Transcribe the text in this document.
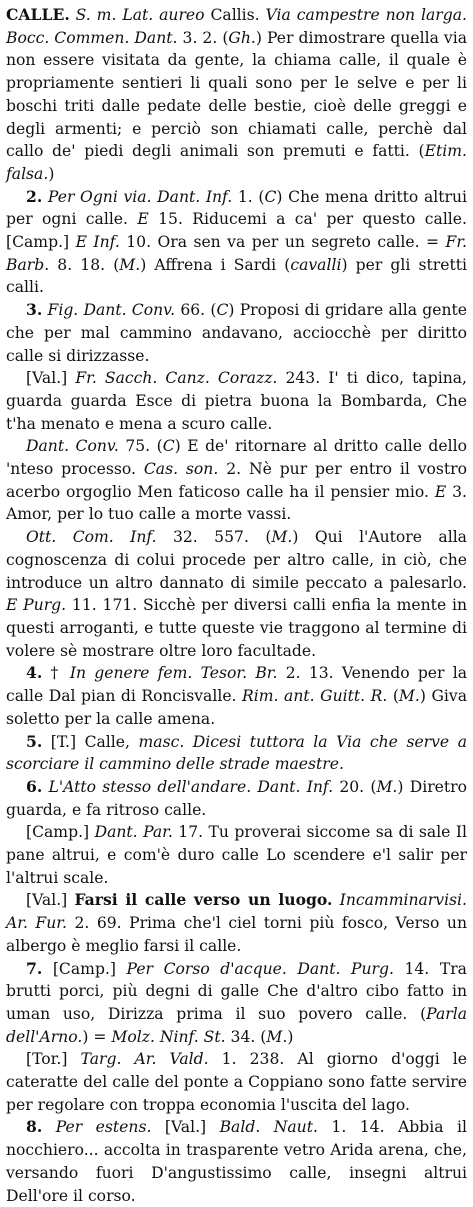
CALLE. S. m. Lat. aureo Callis. Via campestre non larga. Bocc. Commen. Dant. 3. 2. (Gh.) Per dimostrare quella via non essere visitata da gente, la chiama calle, il quale è propriamente sentieri li quali sono per le selve e per li boschi triti dalle pedate delle bestie, cioè delle greggi e degli armenti; e perciò son chiamati calle, perchè dal callo de' piedi degli animali son premuti e fatti. (Etim. falsa.)

2. Per Ogni via. Dant. Inf. 1. (C) Che mena dritto altrui per ogni calle. E 15. Riducemi a ca' per questo calle. [Camp.] E Inf. 10. Ora sen va per un segreto calle. = Fr. Barb. 8. 18. (M.) Affrena i Sardi (cavalli) per gli stretti calli.

3. Fig. Dant. Conv. 66. (C) Proposi di gridare alla gente che per mal cammino andavano, acciocchè per diritto calle si dirizzasse.

[Val.] Fr. Sacch. Canz. Corazz. 243. I' ti dico, tapina, guarda guarda Esce di pietra buona la Bombarda, Che t'ha menato e mena a scuro calle.

Dant. Conv. 75. (C) E de' ritornare al dritto calle dello 'nteso processo. Cas. son. 2. Nè pur per entro il vostro acerbo orgoglio Men faticoso calle ha il pensier mio. E 3. Amor, per lo tuo calle a morte vassi.

Ott. Com. Inf. 32. 557. (M.) Qui l'Autore alla cognoscenza di colui procede per altro calle, in ciò, che introduce un altro dannato di simile peccato a palesarlo. E Purg. 11. 171. Sicchè per diversi calli enfia la mente in questi arroganti, e tutte queste vie traggono al termine di volere sè mostrare oltre loro facultade.

4. † In genere fem. Tesor. Br. 2. 13. Venendo per la calle Dal pian di Roncisvalle. Rim. ant. Guitt. R. (M.) Giva soletto per la calle amena.

5. [T.] Calle, masc. Dicesi tuttora la Via che serve a scorciare il cammino delle strade maestre.

6. L'Atto stesso dell'andare. Dant. Inf. 20. (M.) Diretro guarda, e fa ritroso calle.

[Camp.] Dant. Par. 17. Tu proverai siccome sa di sale Il pane altrui, e com'è duro calle Lo scendere e'l salir per l'altrui scale.

[Val.] Farsi il calle verso un luogo. Incamminarvisi. Ar. Fur. 2. 69. Prima che'l ciel torni più fosco, Verso un albergo è meglio farsi il calle.

7. [Camp.] Per Corso d'acque. Dant. Purg. 14. Tra brutti porci, più degni di galle Che d'altro cibo fatto in uman uso, Dirizza prima il suo povero calle. (Parla dell'Arno.) = Molz. Ninf. St. 34. (M.)

[Tor.] Targ. Ar. Vald. 1. 238. Al giorno d'oggi le cateratte del calle del ponte a Coppiano sono fatte servire per regolare con troppa economia l'uscita del lago.

8. Per estens. [Val.] Bald. Naut. 1. 14. Abbia il nocchiero... accolta in trasparente vetro Arida arena, che, versando fuori D'angustissimo calle, insegni altrui Dell'ore il corso.
